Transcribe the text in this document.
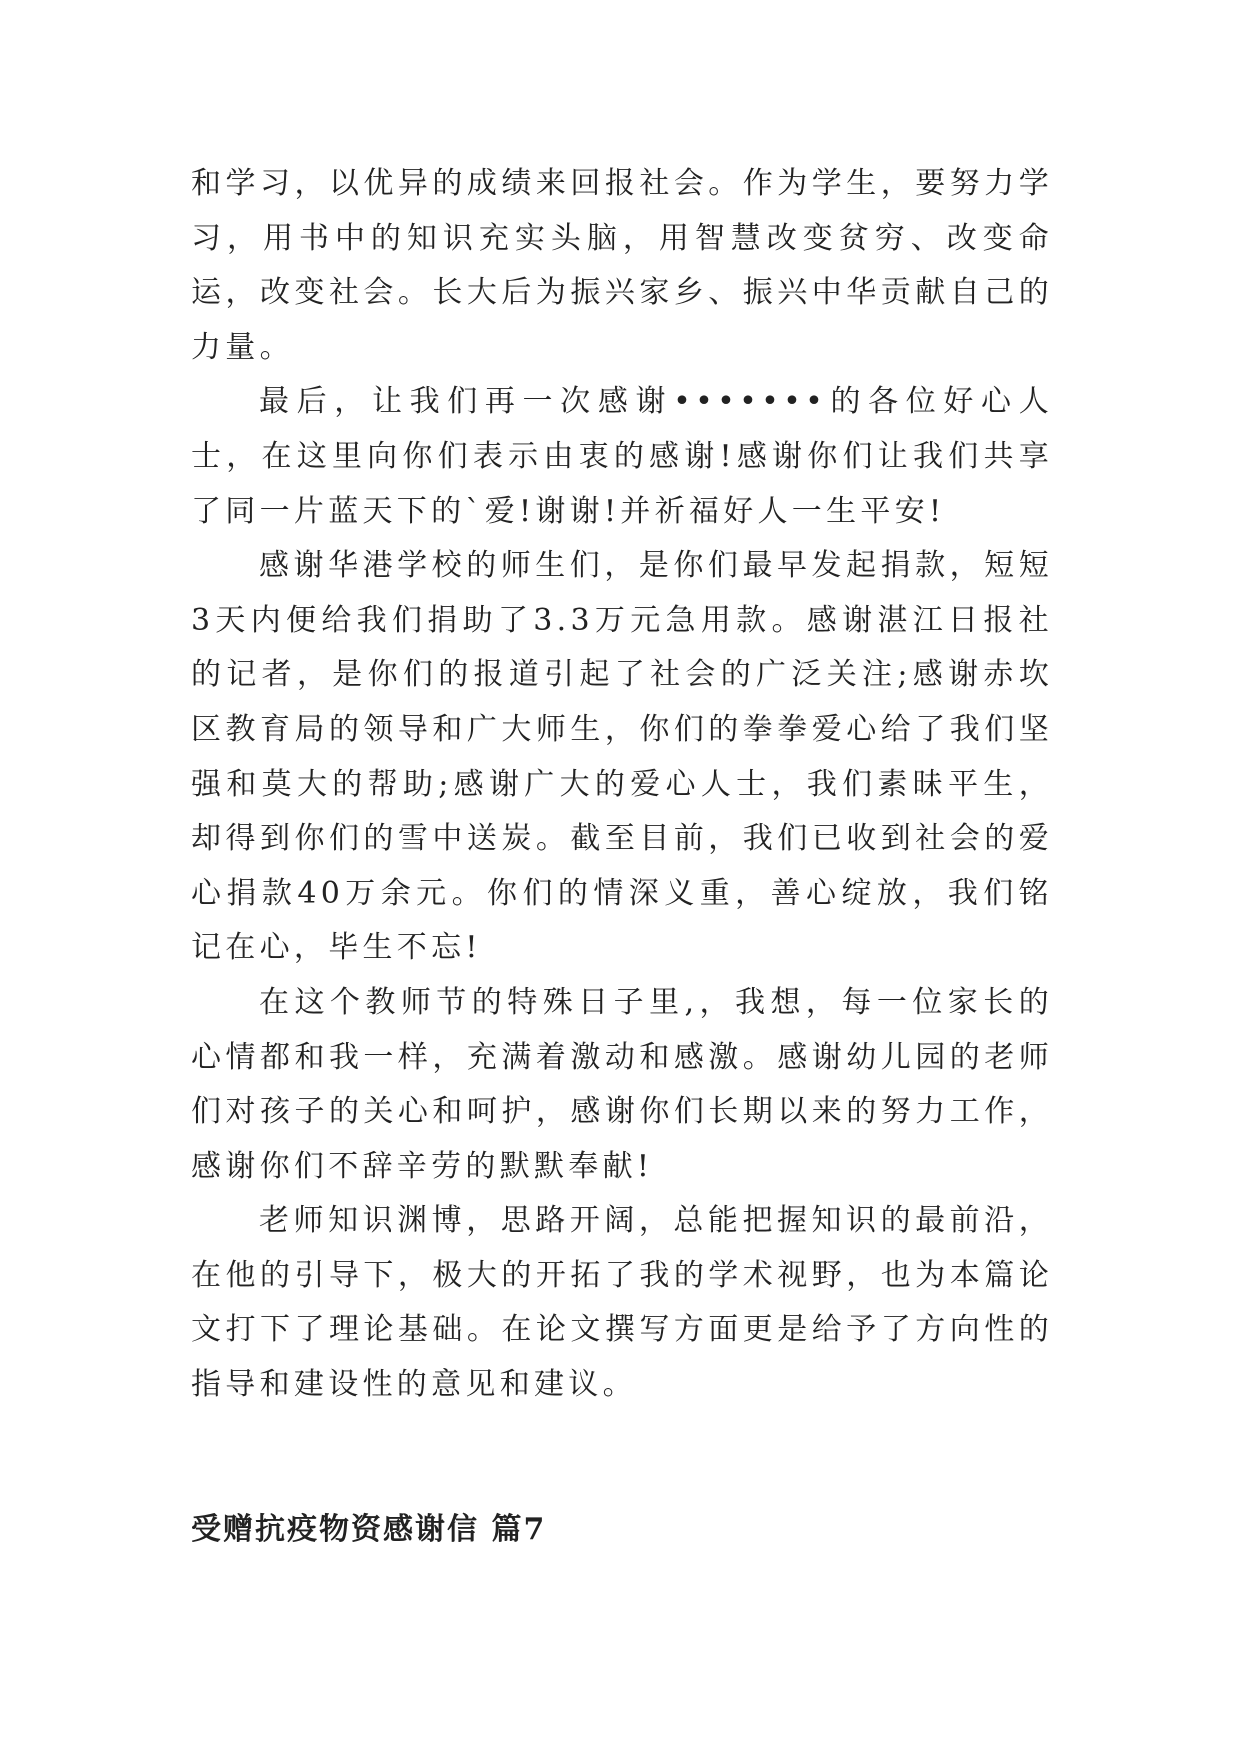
和学习，以优异的成绩来回报社会。作为学生，要努力学习，用书中的知识充实头脑，用智慧改变贫穷、改变命运，改变社会。长大后为振兴家乡、振兴中华贡献自己的力量。

最后，让我们再一次感谢•••••••的各位好心人士，在这里向你们表示由衷的感谢!感谢你们让我们共享了同一片蓝天下的`爱!谢谢!并祈福好人一生平安!

感谢华港学校的师生们，是你们最早发起捐款，短短3天内便给我们捐助了3.3万元急用款。感谢湛江日报社的记者，是你们的报道引起了社会的广泛关注;感谢赤坎区教育局的领导和广大师生，你们的拳拳爱心给了我们坚强和莫大的帮助;感谢广大的爱心人士，我们素昧平生，却得到你们的雪中送炭。截至目前，我们已收到社会的爱心捐款40万余元。你们的情深义重，善心绽放，我们铭记在心，毕生不忘!

在这个教师节的特殊日子里,，我想，每一位家长的心情都和我一样，充满着激动和感激。感谢幼儿园的老师们对孩子的关心和呵护，感谢你们长期以来的努力工作，感谢你们不辞辛劳的默默奉献!

老师知识渊博，思路开阔，总能把握知识的最前沿，在他的引导下，极大的开拓了我的学术视野，也为本篇论文打下了理论基础。在论文撰写方面更是给予了方向性的指导和建设性的意见和建议。

受赠抗疫物资感谢信 篇7
